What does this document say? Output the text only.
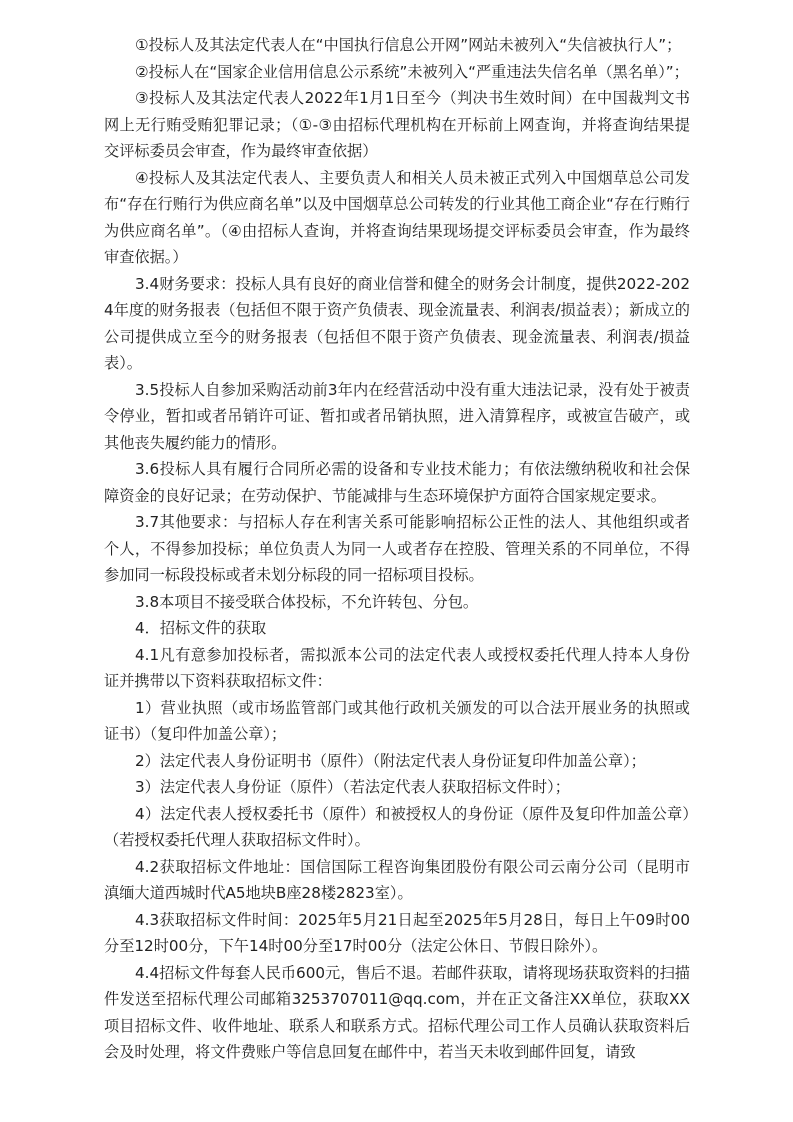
①投标人及其法定代表人在“中国执行信息公开网”网站未被列入“失信被执行人”；

②投标人在“国家企业信用信息公示系统”未被列入“严重违法失信名单（黑名单）”；

③投标人及其法定代表人2022年1月1日至今（判决书生效时间）在中国裁判文书网上无行贿受贿犯罪记录；（①-③由招标代理机构在开标前上网查询，并将查询结果提交评标委员会审查，作为最终审查依据）

④投标人及其法定代表人、主要负责人和相关人员未被正式列入中国烟草总公司发布“存在行贿行为供应商名单”以及中国烟草总公司转发的行业其他工商企业“存在行贿行为供应商名单”。（④由招标人查询，并将查询结果现场提交评标委员会审查，作为最终审查依据。）

3.4财务要求：投标人具有良好的商业信誉和健全的财务会计制度，提供2022-2024年度的财务报表（包括但不限于资产负债表、现金流量表、利润表/损益表）；新成立的公司提供成立至今的财务报表（包括但不限于资产负债表、现金流量表、利润表/损益表）。

3.5投标人自参加采购活动前3年内在经营活动中没有重大违法记录，没有处于被责令停业，暂扣或者吊销许可证、暂扣或者吊销执照，进入清算程序，或被宣告破产，或其他丧失履约能力的情形。

3.6投标人具有履行合同所必需的设备和专业技术能力；有依法缴纳税收和社会保障资金的良好记录；在劳动保护、节能减排与生态环境保护方面符合国家规定要求。

3.7其他要求：与招标人存在利害关系可能影响招标公正性的法人、其他组织或者个人，不得参加投标；单位负责人为同一人或者存在控股、管理关系的不同单位，不得参加同一标段投标或者未划分标段的同一招标项目投标。

3.8本项目不接受联合体投标，不允许转包、分包。

4．招标文件的获取

4.1凡有意参加投标者，需拟派本公司的法定代表人或授权委托代理人持本人身份证并携带以下资料获取招标文件：

1）营业执照（或市场监管部门或其他行政机关颁发的可以合法开展业务的执照或证书）（复印件加盖公章）；

2）法定代表人身份证明书（原件）（附法定代表人身份证复印件加盖公章）；

3）法定代表人身份证（原件）（若法定代表人获取招标文件时）；

4）法定代表人授权委托书（原件）和被授权人的身份证（原件及复印件加盖公章）（若授权委托代理人获取招标文件时）。

4.2获取招标文件地址：国信国际工程咨询集团股份有限公司云南分公司（昆明市滇缅大道西城时代A5地块B座28楼2823室）。

4.3获取招标文件时间：2025年5月21日起至2025年5月28日，每日上午09时00分至12时00分，下午14时00分至17时00分（法定公休日、节假日除外）。

4.4招标文件每套人民币600元，售后不退。若邮件获取，请将现场获取资料的扫描件发送至招标代理公司邮箱3253707011@qq.com，并在正文备注XX单位，获取XX项目招标文件、收件地址、联系人和联系方式。招标代理公司工作人员确认获取资料后会及时处理，将文件费账户等信息回复在邮件中，若当天未收到邮件回复，请致
